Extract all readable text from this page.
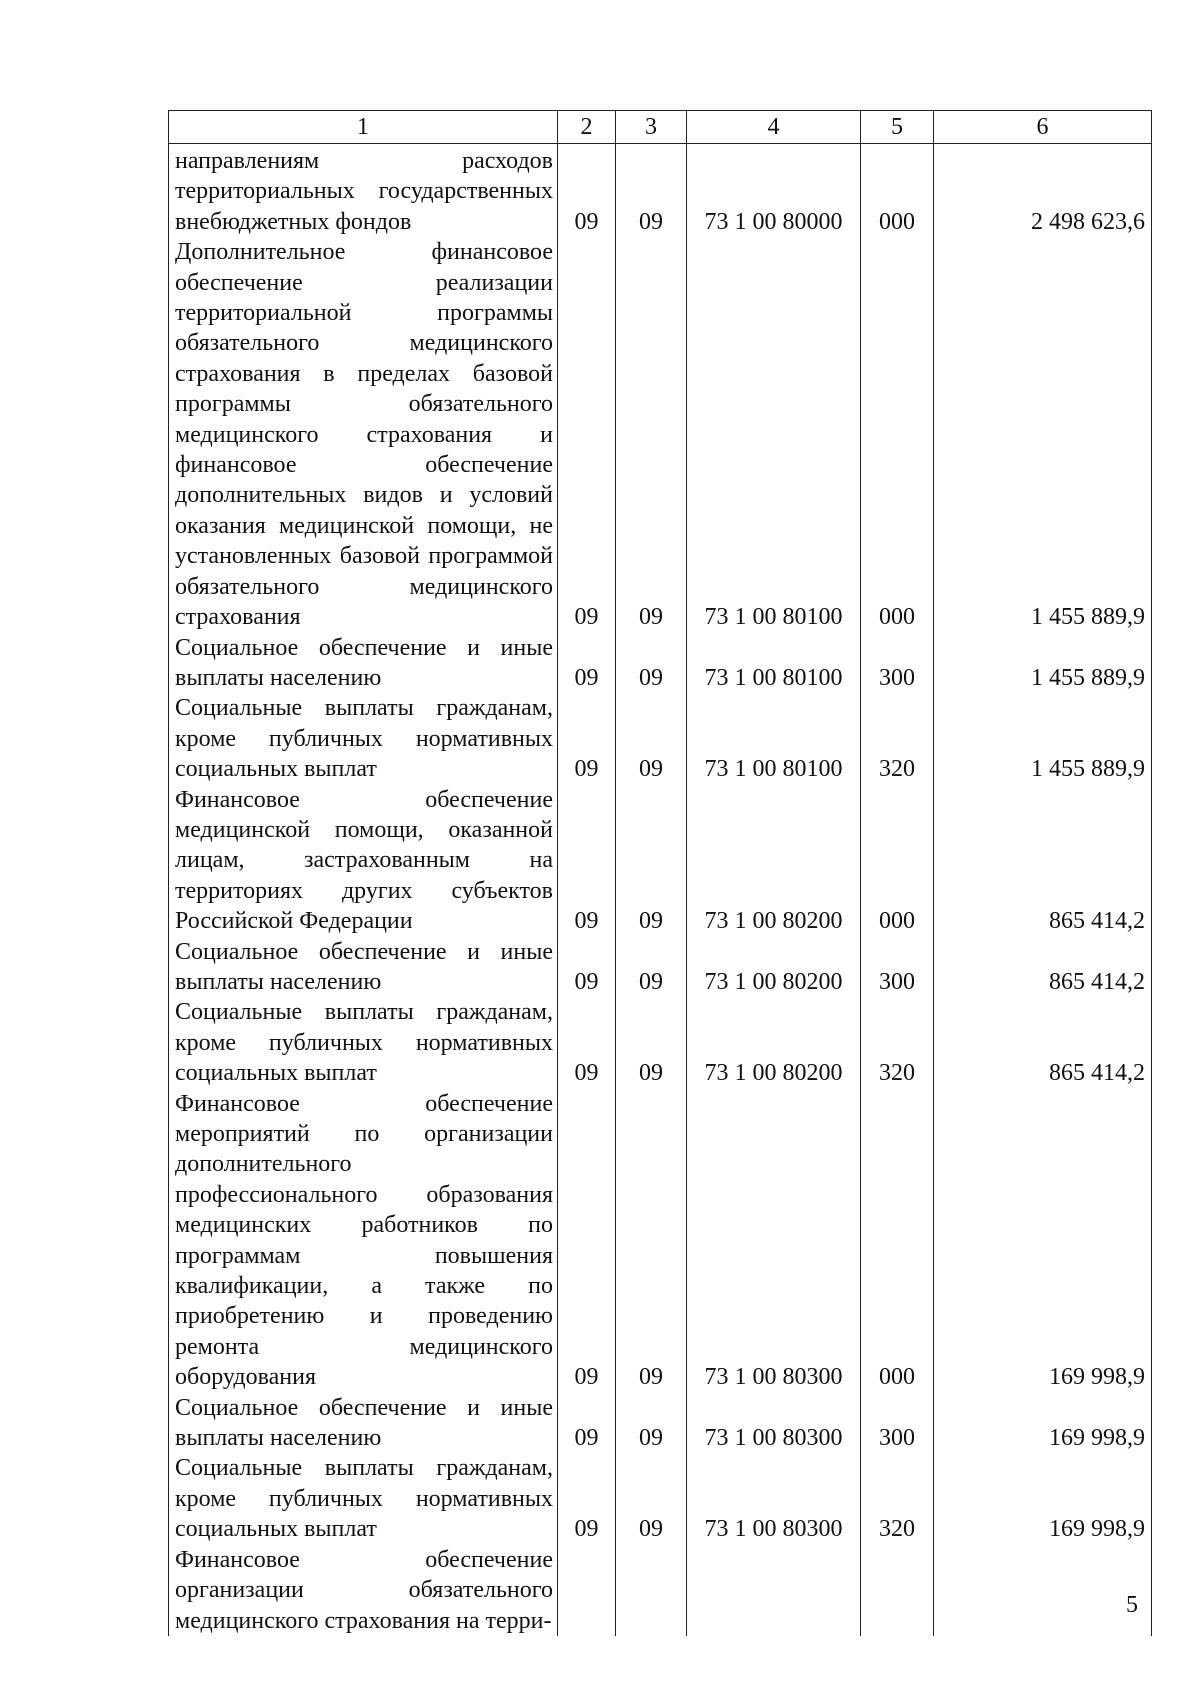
1	2	3	4	5	6
направлениям расходов территориальных государственных внебюджетных фондов	09	09	73 1 00 80000	000	2 498 623,6
Дополнительное финансовое обеспечение реализации территориальной программы обязательного медицинского страхования в пределах базовой программы обязательного медицинского страхования и финансовое обеспечение дополнительных видов и условий оказания медицинской помощи, не установленных базовой программой обязательного медицинского страхования	09	09	73 1 00 80100	000	1 455 889,9
Социальное обеспечение и иные выплаты населению	09	09	73 1 00 80100	300	1 455 889,9
Социальные выплаты гражданам, кроме публичных нормативных социальных выплат	09	09	73 1 00 80100	320	1 455 889,9
Финансовое обеспечение медицинской помощи, оказанной лицам, застрахованным на территориях других субъектов Российской Федерации	09	09	73 1 00 80200	000	865 414,2
Социальное обеспечение и иные выплаты населению	09	09	73 1 00 80200	300	865 414,2
Социальные выплаты гражданам, кроме публичных нормативных социальных выплат	09	09	73 1 00 80200	320	865 414,2
Финансовое обеспечение мероприятий по организации дополнительного профессионального образования медицинских работников по программам повышения квалификации, а также по приобретению и проведению ремонта медицинского оборудования	09	09	73 1 00 80300	000	169 998,9
Социальное обеспечение и иные выплаты населению	09	09	73 1 00 80300	300	169 998,9
Социальные выплаты гражданам, кроме публичных нормативных социальных выплат	09	09	73 1 00 80300	320	169 998,9
Финансовое обеспечение организации обязательного медицинского страхования на терри-					
5
